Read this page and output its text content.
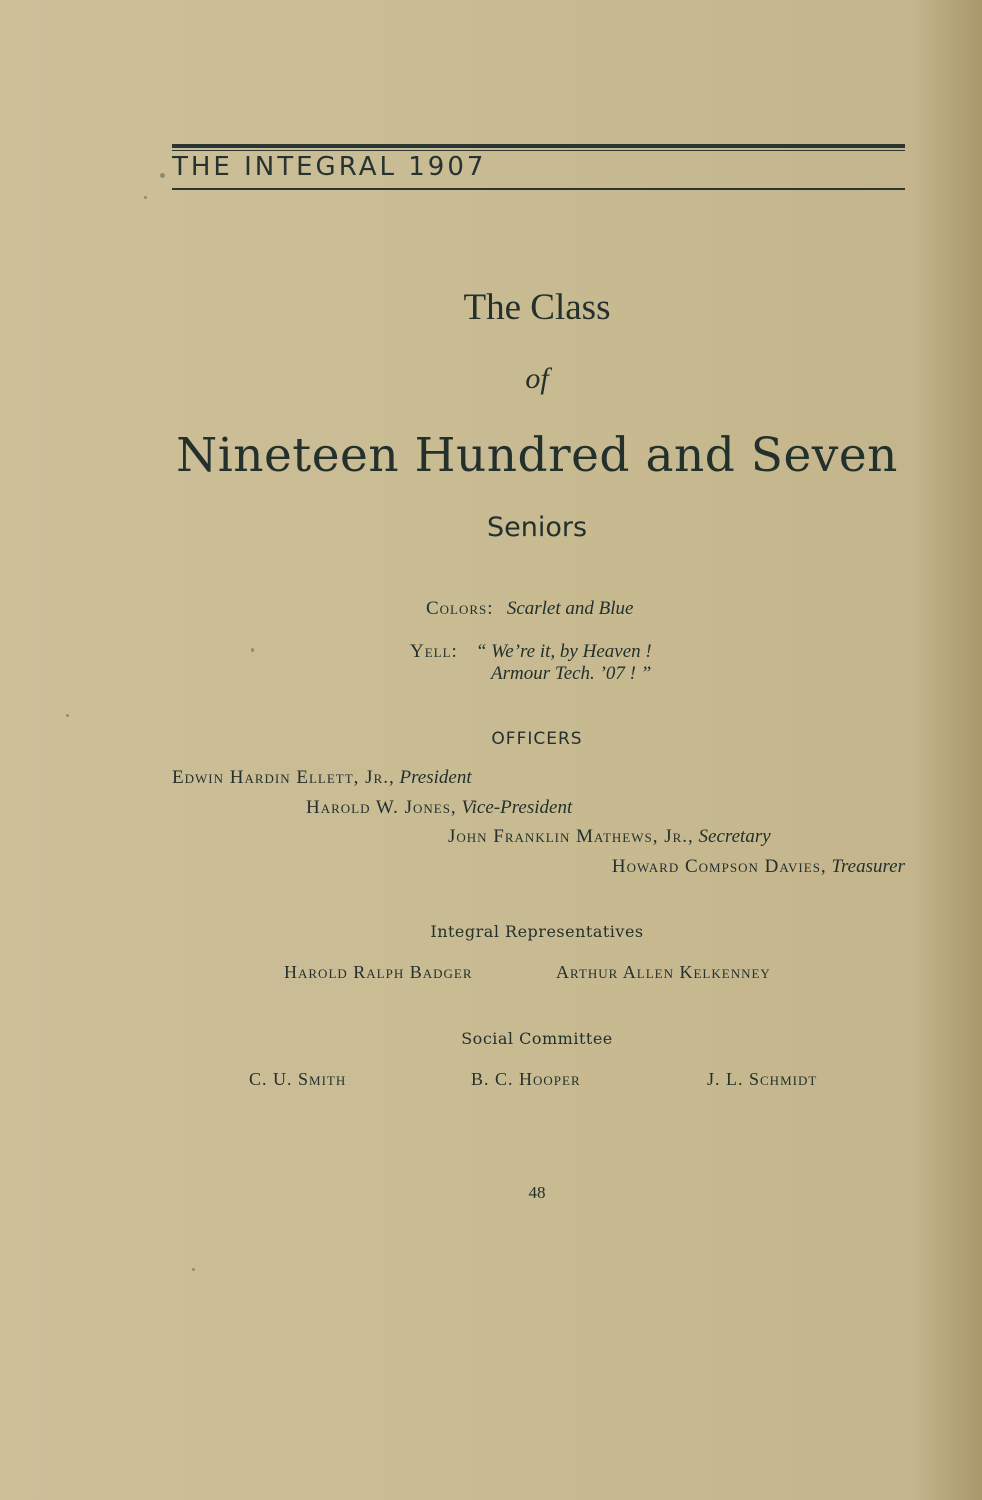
THE INTEGRAL 1907
The Class
of
Nineteen Hundred and Seven
Seniors
Colors: Scarlet and Blue
Yell: “ We’re it, by Heaven !
Armour Tech. ’07 ! ”
OFFICERS
Edwin Hardin Ellett, Jr., President
Harold W. Jones, Vice-President
John Franklin Mathews, Jr., Secretary
Howard Compson Davies, Treasurer
Integral Representatives
Harold Ralph Badger	Arthur Allen Kelkenney
Social Committee
C. U. Smith	B. C. Hooper	J. L. Schmidt
48
